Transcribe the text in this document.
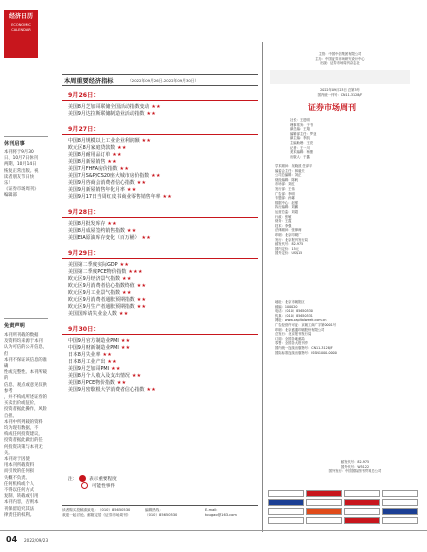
经济日历
ECONOMIC CALENDAR
休刊启事
本刊将于9月30
日、10月7日休刊
两期，10月14日
恢复正常出版。祝
读者朋友节日快
乐！
《证券市场周刊》
编辑部
免责声明
本刊所刊载的数据
及资料均来源于本刊
认为可信的公开信息，但
本刊不保证该信息的准确
性或完整性。本刊所载的
信息、观点或意见仅供参考
，并不构成所述证券的
买卖出价或征价，
投资者据此操作，风险自担。
本刊中所列载的资料
均为现有数据，不
构成任何投资建议，
投资者据此做出的任
何投资决策与本刊无关。
本刊对于因使
用本刊所载资料
而引致的任何损
失概不负责。
任何机构或个人
不得以任何方式
复制、转载或引用
本刊内容，否则本
刊保留追究其法
律责任的权利。
本周重要经济指标	（2022年09月26日-2022年09月30日）
9月26日：
美国8月芝加哥联储全国活动指数变动 ★★
美国9月达拉斯联储制造业活动指数 ★★
9月27日：
中国8月规模以上工业企业利润额 ★★
欧元区8月家庭贷款数 ★★
美国8月耐用品订单 ★★
美国8月新屋销售 ★★
美国7月FHFA房价指数 ★★
美国7月S&P/CS20座大城市房价指数 ★★
美国9月咨商会消费者信心指数 ★★
美国9月新屋销售年化月率 ★★
美国9月17日当周红皮书商业零售销售年率 ★★
9月28日：
美国8月批发库存 ★★
美国8月成屋签约销售指数 ★★
美国EIA原油库存变化（百万桶） ★★
9月29日：
美国第二季度实际GDP ★★
美国第二季度PCE物价指数 ★★★
欧元区9月经济景气指数 ★★
欧元区9月消费者信心指数终值 ★★
欧元区9月工业景气指数 ★★
欧元区9月消费者通胀预期指数 ★★
欧元区9月生产者通胀预期指数 ★★
美国国库请失业金人数 ★★
9月30日：
中国9月官方制造业PMI ★★
中国9月财新制造业PMI ★★
日本8月失业率 ★★
日本8月工业产出 ★★
美国9月芝加哥PMI ★★
美国8月个人收入及支出情况 ★★
美国8月PCE物价指数 ★★
美国9月密歇根大学消费者信心指数 ★★
注：	表示重要程度
可能性事件
读者购买投稿请致电：（010）85650530
欢迎一起讨论。邮箱定居《证券市场周刊》
编辑热线：
（010）85650530
E-mail:
tougao@163.com
主管：中国中信集团有限公司
主办：中国证券市场研究设计中心
出版：证券市场周刊杂志社
2022年09月23日 总第3号
国内统一刊号：CN11-3128/F
证券市场周刊
社长：王进明
理事常务：于书
副总编：王翔
编辑部主任：罗亚
副主编：李凯
主编助理：王亮
记者：王一川
美术编辑：杨蕾
出版人：于鑫
学术顾问：吴晓波 任泽平
编委会主任：林毅夫
公司总编辑：刘正
财经编辑：陈帆
市场部：刘红
发行部：王伟
广告部：李明
专题部：孙娜
数据中心：赵强
执行编辑：刘鹏
运营总监：刘超
行政：张敏
财务：王霞
技术：李强
法律顾问：张律师
印刷：北京印刷厂
发行：北京报刊发行局
邮发代号：82-975
国内定价：15元
国外定价：US$15
地址：北京市朝阳区
邮编：100020
电话：（010）85650530
传真：（010）85650531
网址：www.capitalweek.com.cn
广告经营许可证：京朝工商广字第0001号
印刷：北京盛通印刷股份有限公司
总发行：北京报刊发行局
订阅：全国各地邮局
零售：全国各大报刊亭
国内统一连续出版物号：CN11-3128/F
国际标准连续出版物号：ISSN1000-0000
邮发代号：82-975
国外代号：W5122
国外发行：中国国际图书贸易总公司
04 2022/09/23
